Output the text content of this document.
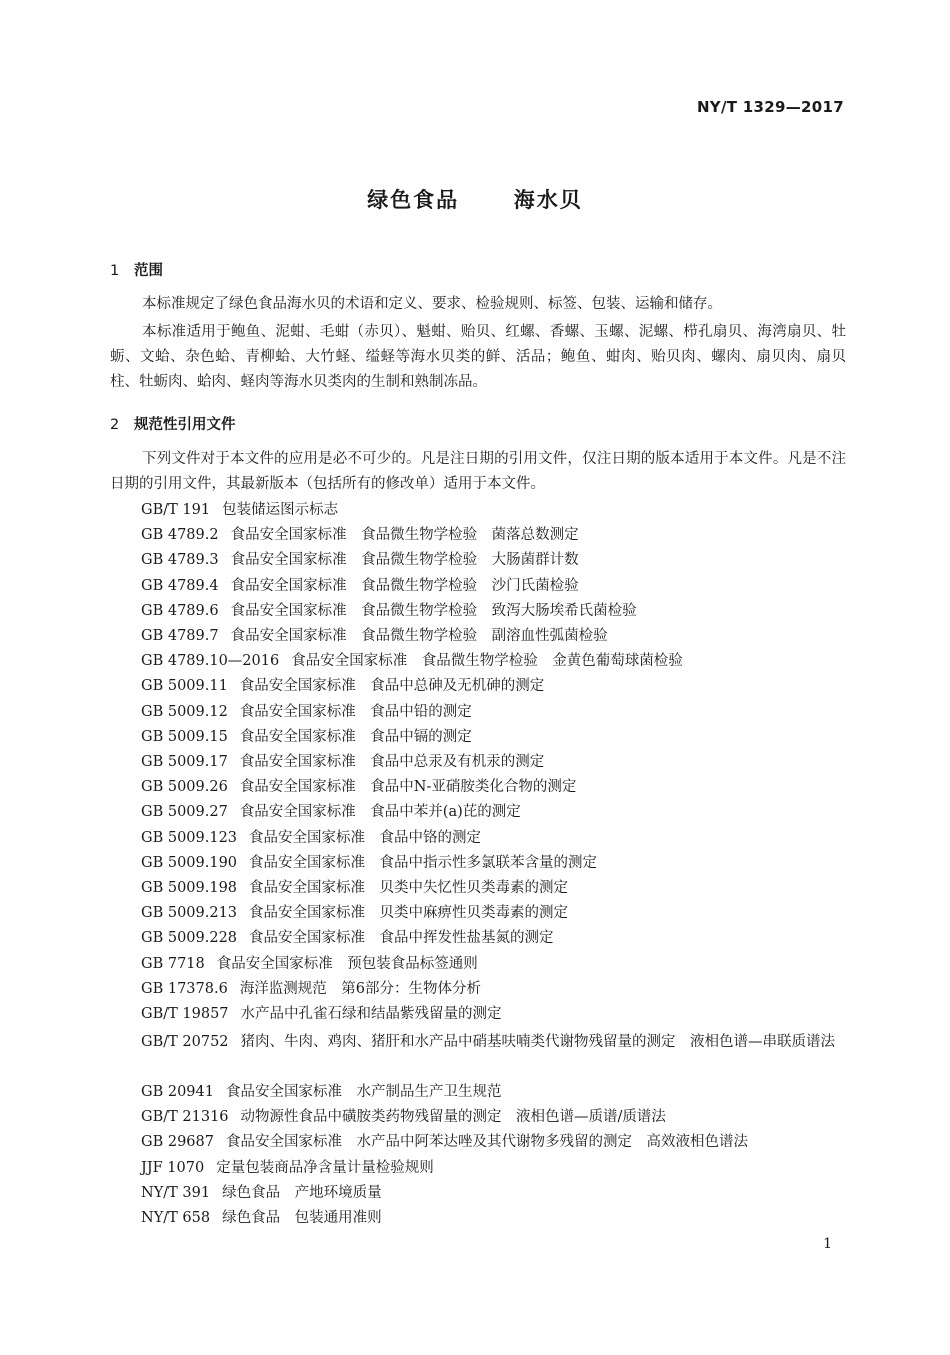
NY/T 1329—2017
绿色食品  海水贝
1 范围
本标准规定了绿色食品海水贝的术语和定义、要求、检验规则、标签、包装、运输和储存。
本标准适用于鲍鱼、泥蚶、毛蚶（赤贝）、魁蚶、贻贝、红螺、香螺、玉螺、泥螺、栉孔扇贝、海湾扇贝、牡蛎、文蛤、杂色蛤、青柳蛤、大竹蛏、缢蛏等海水贝类的鲜、活品；鲍鱼、蚶肉、贻贝肉、螺肉、扇贝肉、扇贝柱、牡蛎肉、蛤肉、蛏肉等海水贝类肉的生制和熟制冻品。
2 规范性引用文件
下列文件对于本文件的应用是必不可少的。凡是注日期的引用文件，仅注日期的版本适用于本文件。凡是不注日期的引用文件，其最新版本（包括所有的修改单）适用于本文件。
GB/T 191 包装储运图示标志
GB 4789.2 食品安全国家标准　食品微生物学检验　菌落总数测定
GB 4789.3 食品安全国家标准　食品微生物学检验　大肠菌群计数
GB 4789.4 食品安全国家标准　食品微生物学检验　沙门氏菌检验
GB 4789.6 食品安全国家标准　食品微生物学检验　致泻大肠埃希氏菌检验
GB 4789.7 食品安全国家标准　食品微生物学检验　副溶血性弧菌检验
GB 4789.10—2016 食品安全国家标准　食品微生物学检验　金黄色葡萄球菌检验
GB 5009.11 食品安全国家标准　食品中总砷及无机砷的测定
GB 5009.12 食品安全国家标准　食品中铅的测定
GB 5009.15 食品安全国家标准　食品中镉的测定
GB 5009.17 食品安全国家标准　食品中总汞及有机汞的测定
GB 5009.26 食品安全国家标准　食品中N-亚硝胺类化合物的测定
GB 5009.27 食品安全国家标准　食品中苯并(a)芘的测定
GB 5009.123 食品安全国家标准　食品中铬的测定
GB 5009.190 食品安全国家标准　食品中指示性多氯联苯含量的测定
GB 5009.198 食品安全国家标准　贝类中失忆性贝类毒素的测定
GB 5009.213 食品安全国家标准　贝类中麻痹性贝类毒素的测定
GB 5009.228 食品安全国家标准　食品中挥发性盐基氮的测定
GB 7718 食品安全国家标准　预包装食品标签通则
GB 17378.6 海洋监测规范　第6部分：生物体分析
GB/T 19857 水产品中孔雀石绿和结晶紫残留量的测定
GB/T 20752 猪肉、牛肉、鸡肉、猪肝和水产品中硝基呋喃类代谢物残留量的测定　液相色谱—串联质谱法
GB 20941 食品安全国家标准　水产制品生产卫生规范
GB/T 21316 动物源性食品中磺胺类药物残留量的测定　液相色谱—质谱/质谱法
GB 29687 食品安全国家标准　水产品中阿苯达唑及其代谢物多残留的测定　高效液相色谱法
JJF 1070 定量包装商品净含量计量检验规则
NY/T 391 绿色食品　产地环境质量
NY/T 658 绿色食品　包装通用准则
1
